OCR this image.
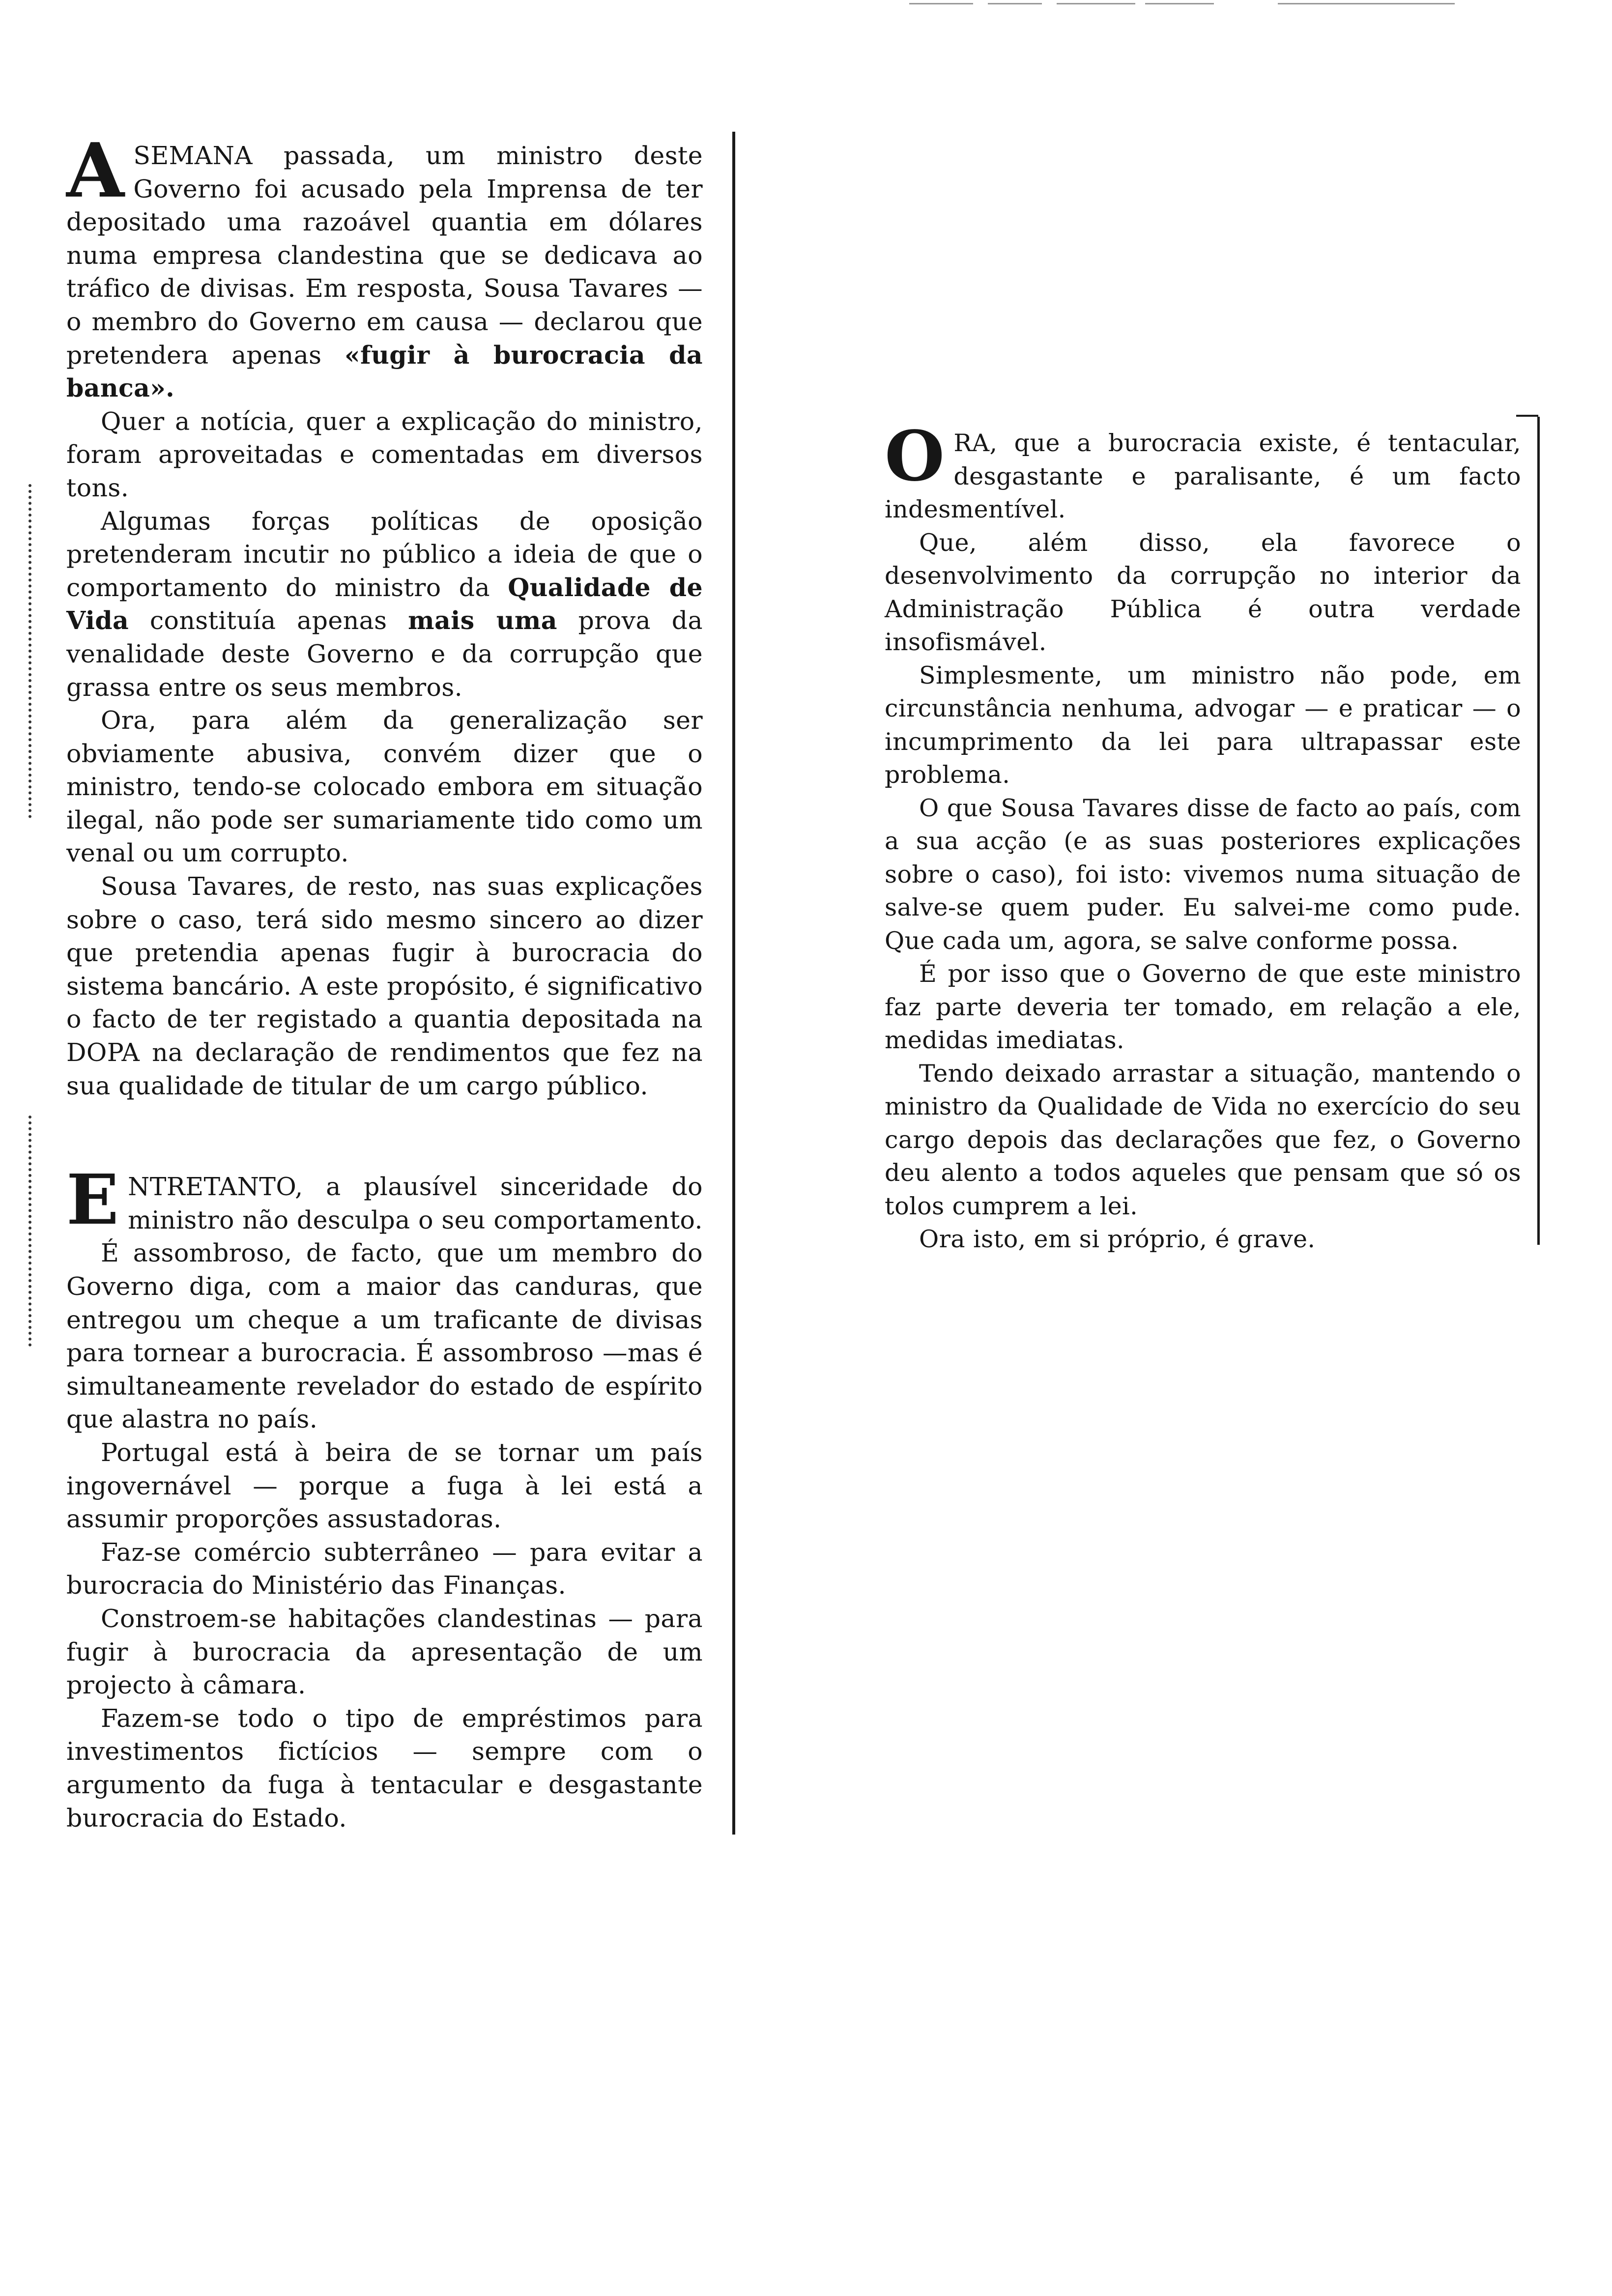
ASEMANA passada, um ministro deste Governo foi acusado pela Imprensa de ter depositado uma razoável quantia em dólares numa empresa clandestina que se dedicava ao tráfico de divisas. Em resposta, Sousa Tavares — o membro do Governo em causa — declarou que pretendera apenas «fugir à burocracia da banca».

Quer a notícia, quer a explicação do ministro, foram aproveitadas e comentadas em diversos tons.

Algumas forças políticas de oposição pretenderam incutir no público a ideia de que o comportamento do ministro da Qualidade de Vida constituía apenas mais uma prova da venalidade deste Governo e da corrupção que grassa entre os seus membros.

Ora, para além da generalização ser obviamente abusiva, convém dizer que o ministro, tendo-se colocado embora em situação ilegal, não pode ser sumariamente tido como um venal ou um corrupto.

Sousa Tavares, de resto, nas suas explicações sobre o caso, terá sido mesmo sincero ao dizer que pretendia apenas fugir à burocracia do sistema bancário. A este propósito, é significativo o facto de ter registado a quantia depositada na DOPA na declaração de rendimentos que fez na sua qualidade de titular de um cargo público.

ENTRETANTO, a plausível sinceridade do ministro não desculpa o seu comportamento.

É assombroso, de facto, que um membro do Governo diga, com a maior das canduras, que entregou um cheque a um traficante de divisas para tornear a burocracia. É assombroso —mas é simultaneamente revelador do estado de espírito que alastra no país.

Portugal está à beira de se tornar um país ingovernável — porque a fuga à lei está a assumir proporções assustadoras.

Faz-se comércio subterrâneo — para evitar a burocracia do Ministério das Finanças.

Constroem-se habitações clandestinas — para fugir à burocracia da apresentação de um projecto à câmara.

Fazem-se todo o tipo de empréstimos para investimentos fictícios — sempre com o argumento da fuga à tentacular e desgastante burocracia do Estado.

ORA, que a burocracia existe, é tentacular, desgastante e paralisante, é um facto indesmentível.

Que, além disso, ela favorece o desenvolvimento da corrupção no interior da Administração Pública é outra verdade insofismável.

Simplesmente, um ministro não pode, em circunstância nenhuma, advogar — e praticar — o incumprimento da lei para ultrapassar este problema.

O que Sousa Tavares disse de facto ao país, com a sua acção (e as suas posteriores explicações sobre o caso), foi isto: vivemos numa situação de salve-se quem puder. Eu salvei-me como pude. Que cada um, agora, se salve conforme possa.

É por isso que o Governo de que este ministro faz parte deveria ter tomado, em relação a ele, medidas imediatas.

Tendo deixado arrastar a situação, mantendo o ministro da Qualidade de Vida no exercício do seu cargo depois das declarações que fez, o Governo deu alento a todos aqueles que pensam que só os tolos cumprem a lei.

Ora isto, em si próprio, é grave.
